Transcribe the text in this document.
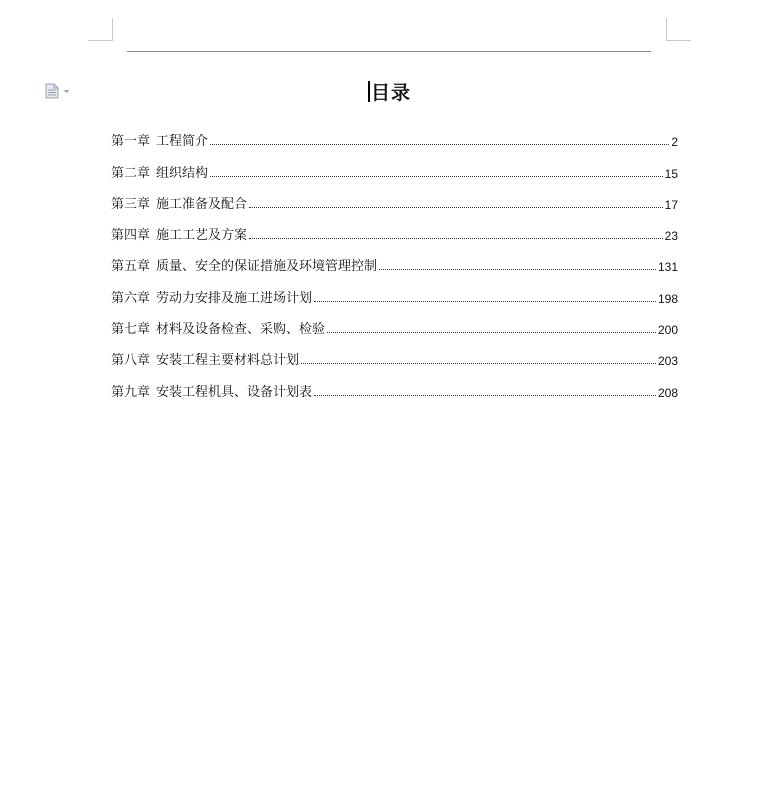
目录
第一章 工程简介	2
第二章 组织结构	15
第三章 施工准备及配合	17
第四章 施工工艺及方案	23
第五章 质量、安全的保证措施及环境管理控制	131
第六章 劳动力安排及施工进场计划	198
第七章 材料及设备检查、采购、检验	200
第八章 安装工程主要材料总计划	203
第九章 安装工程机具、设备计划表	208
